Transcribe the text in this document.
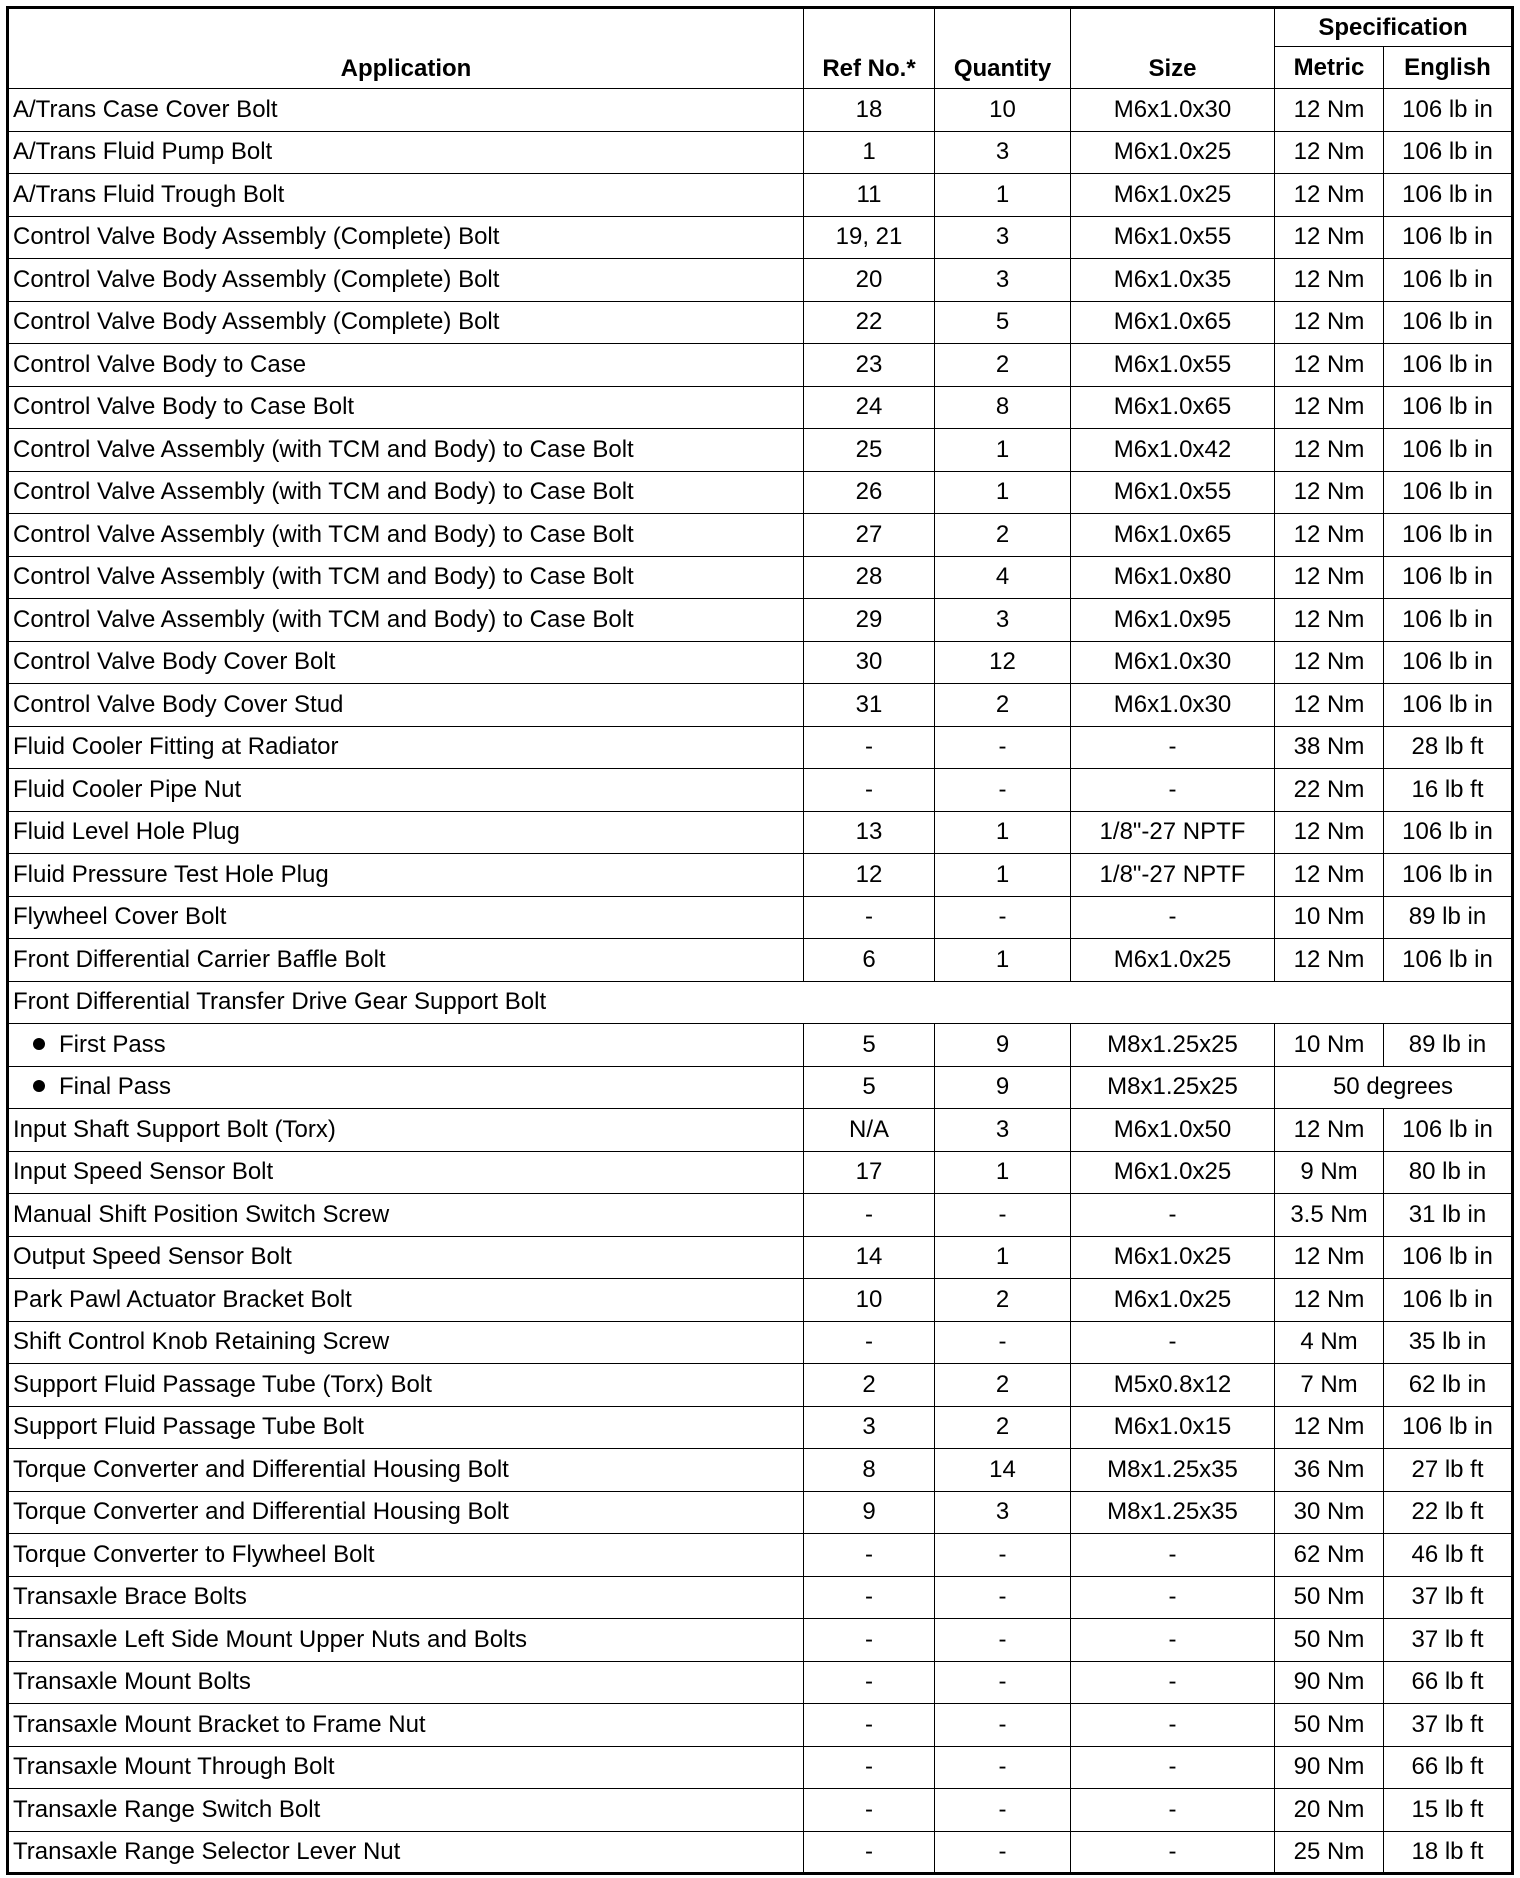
Application	Ref No.*	Quantity	Size	Specification	
				Metric	English
A/Trans Case Cover Bolt	18	10	M6x1.0x30	12 Nm	106 lb in
A/Trans Fluid Pump Bolt	1	3	M6x1.0x25	12 Nm	106 lb in
A/Trans Fluid Trough Bolt	11	1	M6x1.0x25	12 Nm	106 lb in
Control Valve Body Assembly (Complete) Bolt	19, 21	3	M6x1.0x55	12 Nm	106 lb in
Control Valve Body Assembly (Complete) Bolt	20	3	M6x1.0x35	12 Nm	106 lb in
Control Valve Body Assembly (Complete) Bolt	22	5	M6x1.0x65	12 Nm	106 lb in
Control Valve Body to Case	23	2	M6x1.0x55	12 Nm	106 lb in
Control Valve Body to Case Bolt	24	8	M6x1.0x65	12 Nm	106 lb in
Control Valve Assembly (with TCM and Body) to Case Bolt	25	1	M6x1.0x42	12 Nm	106 lb in
Control Valve Assembly (with TCM and Body) to Case Bolt	26	1	M6x1.0x55	12 Nm	106 lb in
Control Valve Assembly (with TCM and Body) to Case Bolt	27	2	M6x1.0x65	12 Nm	106 lb in
Control Valve Assembly (with TCM and Body) to Case Bolt	28	4	M6x1.0x80	12 Nm	106 lb in
Control Valve Assembly (with TCM and Body) to Case Bolt	29	3	M6x1.0x95	12 Nm	106 lb in
Control Valve Body Cover Bolt	30	12	M6x1.0x30	12 Nm	106 lb in
Control Valve Body Cover Stud	31	2	M6x1.0x30	12 Nm	106 lb in
Fluid Cooler Fitting at Radiator	-	-	-	38 Nm	28 lb ft
Fluid Cooler Pipe Nut	-	-	-	22 Nm	16 lb ft
Fluid Level Hole Plug	13	1	1/8"-27 NPTF	12 Nm	106 lb in
Fluid Pressure Test Hole Plug	12	1	1/8"-27 NPTF	12 Nm	106 lb in
Flywheel Cover Bolt	-	-	-	10 Nm	89 lb in
Front Differential Carrier Baffle Bolt	6	1	M6x1.0x25	12 Nm	106 lb in
Front Differential Transfer Drive Gear Support Bolt					
First Pass	5	9	M8x1.25x25	10 Nm	89 lb in
Final Pass	5	9	M8x1.25x25	50 degrees	
Input Shaft Support Bolt (Torx)	N/A	3	M6x1.0x50	12 Nm	106 lb in
Input Speed Sensor Bolt	17	1	M6x1.0x25	9 Nm	80 lb in
Manual Shift Position Switch Screw	-	-	-	3.5 Nm	31 lb in
Output Speed Sensor Bolt	14	1	M6x1.0x25	12 Nm	106 lb in
Park Pawl Actuator Bracket Bolt	10	2	M6x1.0x25	12 Nm	106 lb in
Shift Control Knob Retaining Screw	-	-	-	4 Nm	35 lb in
Support Fluid Passage Tube (Torx) Bolt	2	2	M5x0.8x12	7 Nm	62 lb in
Support Fluid Passage Tube Bolt	3	2	M6x1.0x15	12 Nm	106 lb in
Torque Converter and Differential Housing Bolt	8	14	M8x1.25x35	36 Nm	27 lb ft
Torque Converter and Differential Housing Bolt	9	3	M8x1.25x35	30 Nm	22 lb ft
Torque Converter to Flywheel Bolt	-	-	-	62 Nm	46 lb ft
Transaxle Brace Bolts	-	-	-	50 Nm	37 lb ft
Transaxle Left Side Mount Upper Nuts and Bolts	-	-	-	50 Nm	37 lb ft
Transaxle Mount Bolts	-	-	-	90 Nm	66 lb ft
Transaxle Mount Bracket to Frame Nut	-	-	-	50 Nm	37 lb ft
Transaxle Mount Through Bolt	-	-	-	90 Nm	66 lb ft
Transaxle Range Switch Bolt	-	-	-	20 Nm	15 lb ft
Transaxle Range Selector Lever Nut	-	-	-	25 Nm	18 lb ft
